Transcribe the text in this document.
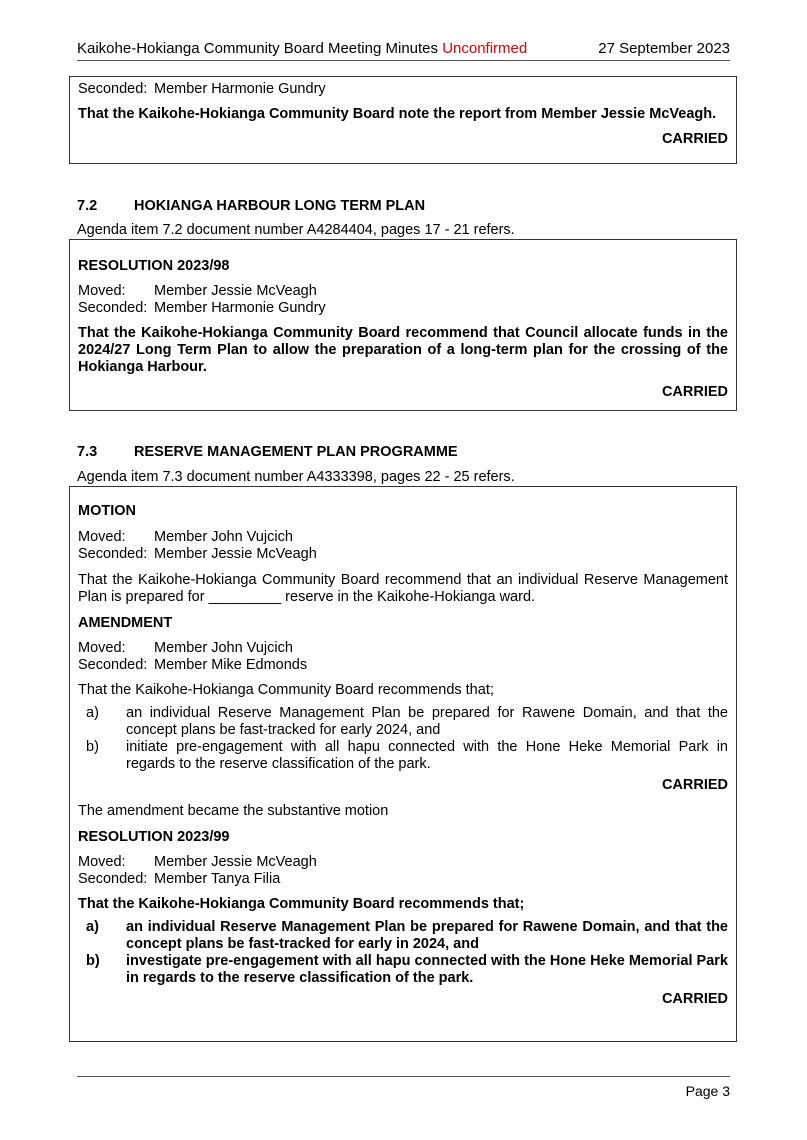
Kaikohe-Hokianga Community Board Meeting Minutes Unconfirmed	27 September 2023
Seconded: Member Harmonie Gundry

That the Kaikohe-Hokianga Community Board note the report from Member Jessie McVeagh.

CARRIED

7.2	HOKIANGA HARBOUR LONG TERM PLAN
Agenda item 7.2 document number A4284404, pages 17 - 21 refers.

RESOLUTION 2023/98

Moved:	Member Jessie McVeagh
Seconded: Member Harmonie Gundry

That the Kaikohe-Hokianga Community Board recommend that Council allocate funds in the 2024/27 Long Term Plan to allow the preparation of a long-term plan for the crossing of the Hokianga Harbour.

CARRIED

7.3	RESERVE MANAGEMENT PLAN PROGRAMME
Agenda item 7.3 document number A4333398, pages 22 - 25 refers.

MOTION

Moved:	Member John Vujcich
Seconded: Member Jessie McVeagh

That the Kaikohe-Hokianga Community Board recommend that an individual Reserve Management Plan is prepared for _________ reserve in the Kaikohe-Hokianga ward.

AMENDMENT

Moved:	Member John Vujcich
Seconded: Member Mike Edmonds

That the Kaikohe-Hokianga Community Board recommends that;

a)	an individual Reserve Management Plan be prepared for Rawene Domain, and that the concept plans be fast-tracked for early 2024, and
b)	initiate pre-engagement with all hapu connected with the Hone Heke Memorial Park in regards to the reserve classification of the park.

CARRIED

The amendment became the substantive motion

RESOLUTION 2023/99

Moved:	Member Jessie McVeagh
Seconded: Member Tanya Filia

That the Kaikohe-Hokianga Community Board recommends that;

a)	an individual Reserve Management Plan be prepared for Rawene Domain, and that the concept plans be fast-tracked for early in 2024, and
b)	investigate pre-engagement with all hapu connected with the Hone Heke Memorial Park in regards to the reserve classification of the park.

CARRIED

Page 3
